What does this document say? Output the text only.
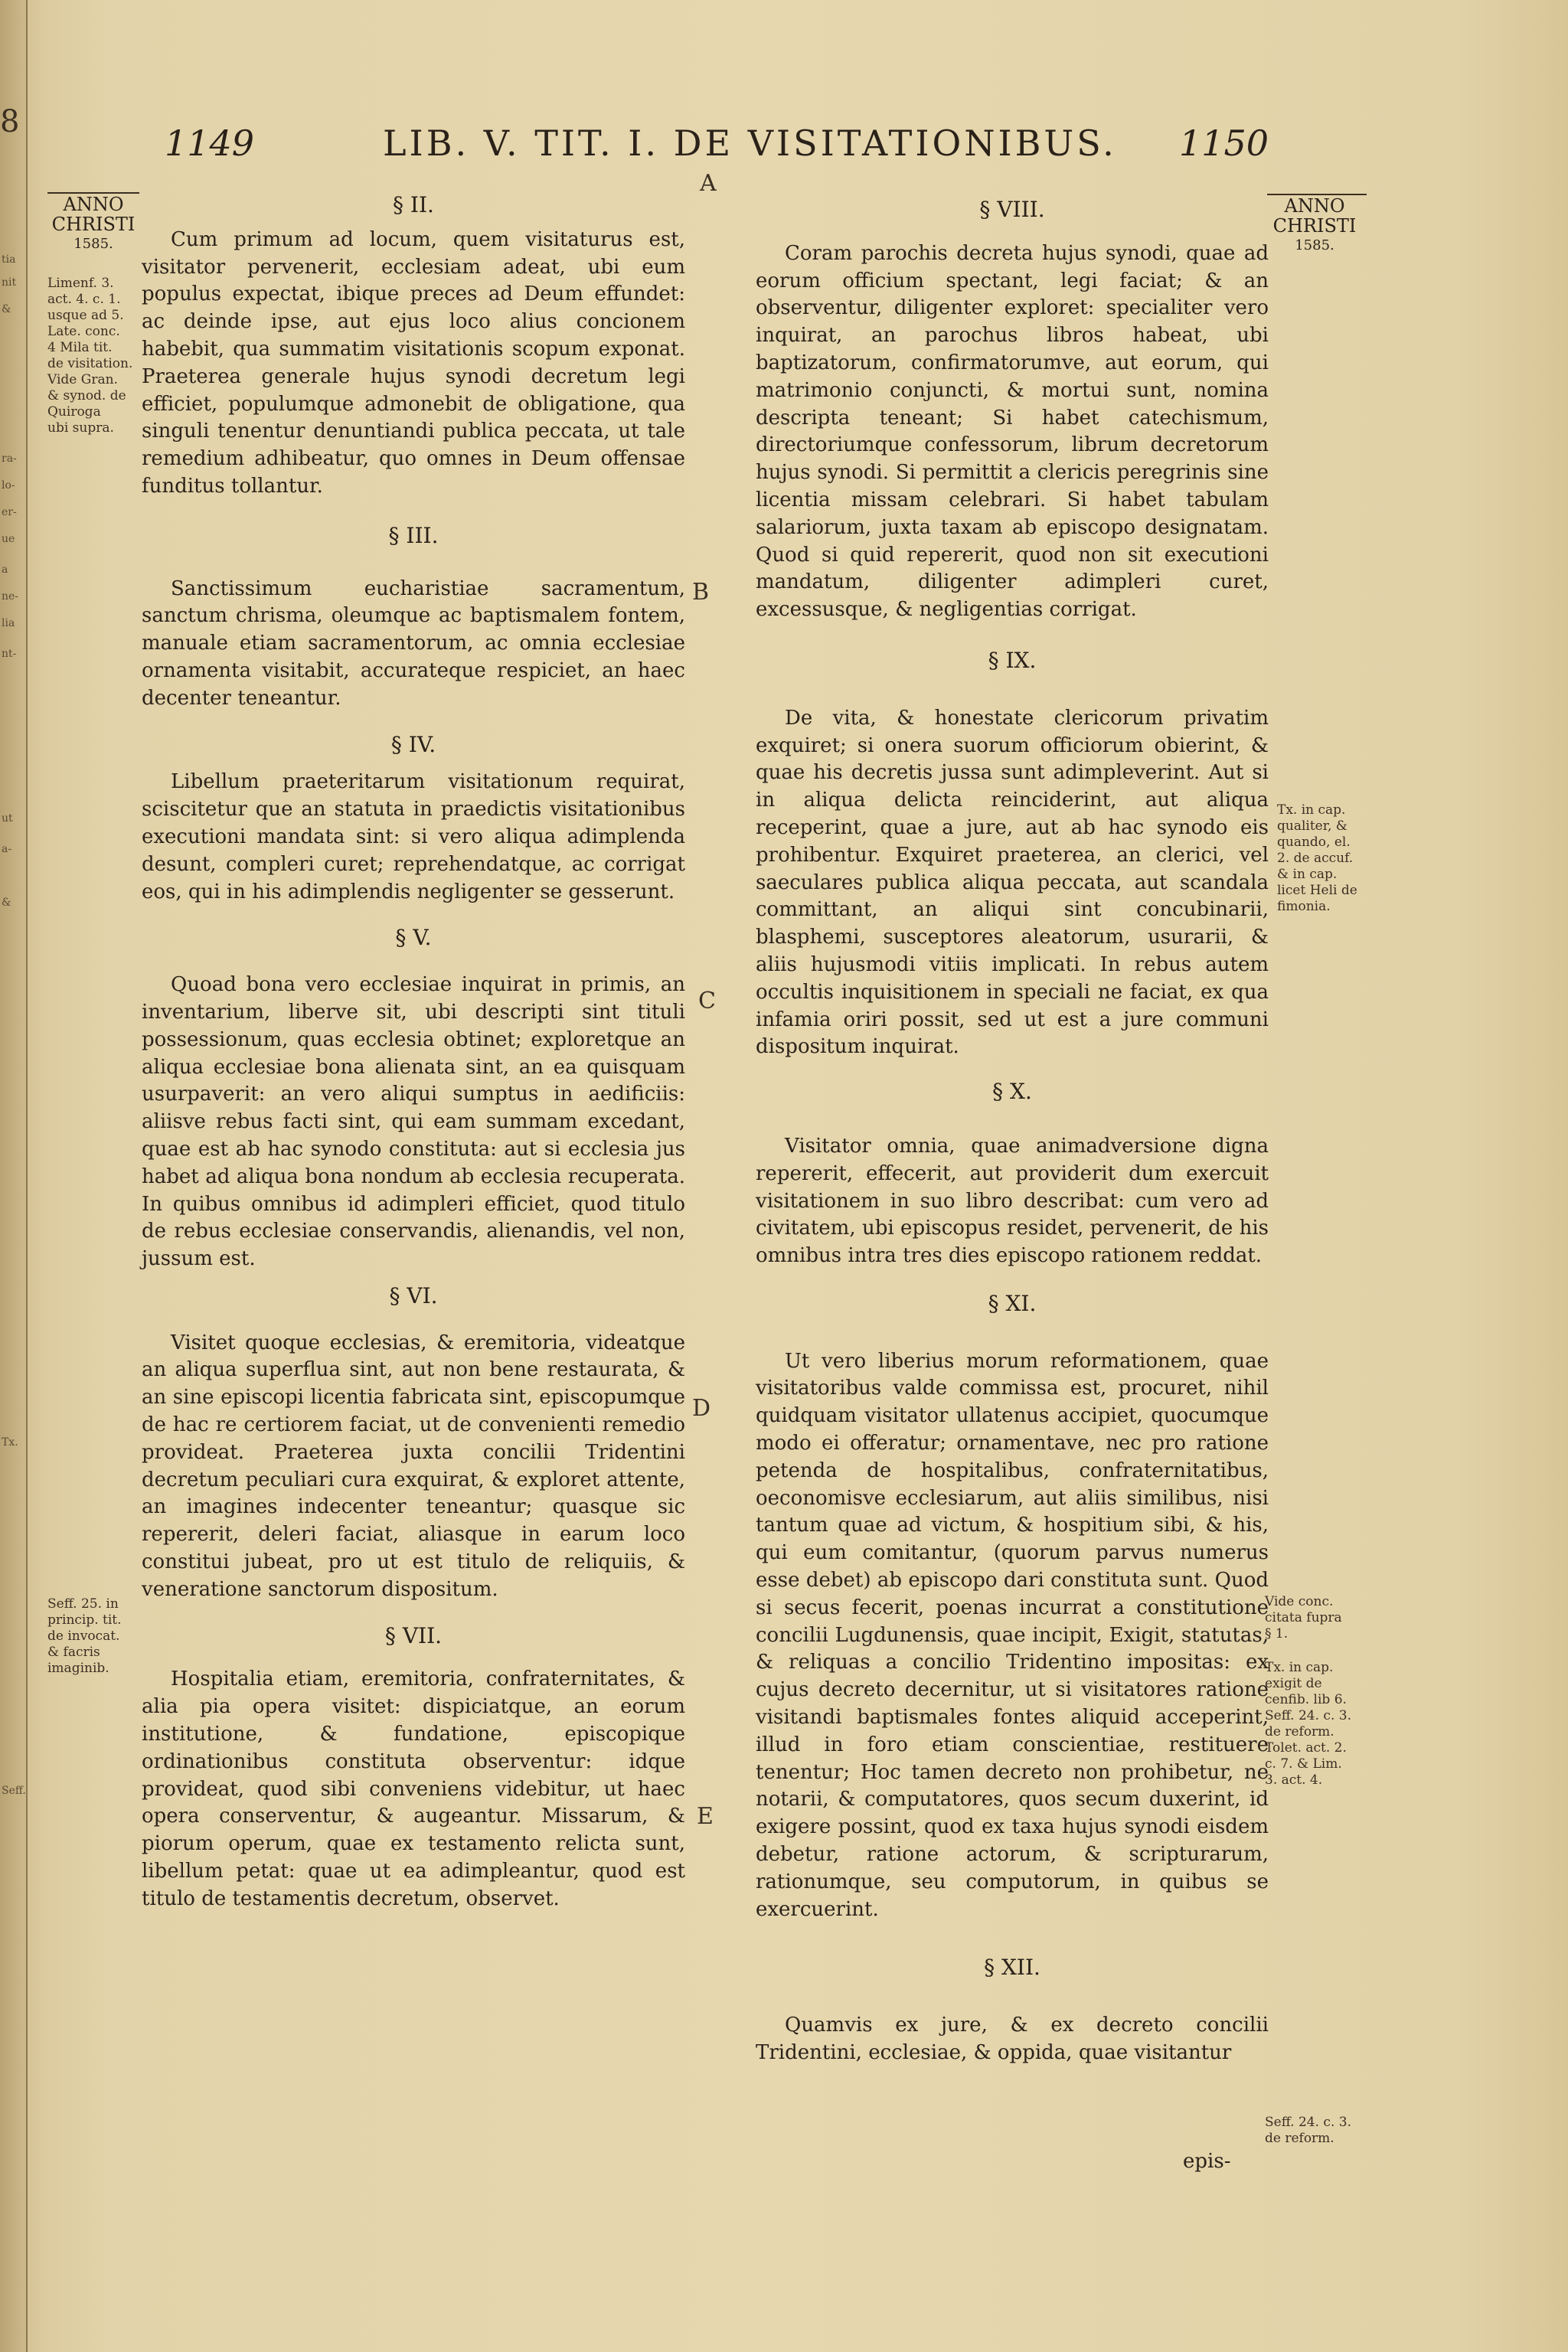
8
tia
nit
&
ra-
lo-
er-
ue
a
ne-
lia
nt-
ut
a-
&
Tx.
Seff.
1149	LIB. V. TIT. I. DE VISITATIONIBUS. 1150
ANNO
CHRISTI
1585.
Limenf. 3.
act. 4. c. 1.
usque ad 5.
Late. conc.
4 Mila tit.
de visitation.
Vide Gran.
& synod. de
Quiroga
ubi supra.
Seff. 25. in
princip. tit.
de invocat.
& facris
imaginib.
ANNO
CHRISTI
1585.
Tx. in cap.
qualiter, &
quando, el.
2. de accuf.
& in cap.
licet Heli de
fimonia.
Vide conc.
citata fupra
§ 1.
Tx. in cap.
exigit de
cenfib. lib 6.
Seff. 24. c. 3.
de reform.
Tolet. act. 2.
c. 7. & Lim.
3. act. 4.
Seff. 24. c. 3.
de reform.
A
B
C
D
E

§ II.

Cum primum ad locum, quem visitaturus est, visitator pervenerit, ecclesiam adeat, ubi eum populus expectat, ibique preces ad Deum effundet: ac deinde ipse, aut ejus loco alius concionem habebit, qua summatim visitationis scopum exponat. Praeterea generale hujus synodi decretum legi efficiet, populumque admonebit de obligatione, qua singuli tenentur denuntiandi publica peccata, ut tale remedium adhibeatur, quo omnes in Deum offensae funditus tollantur.

§ III.

Sanctissimum eucharistiae sacramentum, sanctum chrisma, oleumque ac baptismalem fontem, manuale etiam sacramentorum, ac omnia ecclesiae ornamenta visitabit, accurateque respiciet, an haec decenter teneantur.

§ IV.

Libellum praeteritarum visitationum requirat, sciscitetur que an statuta in praedictis visitationibus executioni mandata sint: si vero aliqua adimplenda desunt, compleri curet; reprehendatque, ac corrigat eos, qui in his adimplendis negligenter se gesserunt.

§ V.

Quoad bona vero ecclesiae inquirat in primis, an inventarium, liberve sit, ubi descripti sint tituli possessionum, quas ecclesia obtinet; exploretque an aliqua ecclesiae bona alienata sint, an ea quisquam usurpaverit: an vero aliqui sumptus in aedificiis: aliisve rebus facti sint, qui eam summam excedant, quae est ab hac synodo constituta: aut si ecclesia jus habet ad aliqua bona nondum ab ecclesia recuperata. In quibus omnibus id adimpleri efficiet, quod titulo de rebus ecclesiae conservandis, alienandis, vel non, jussum est.

§ VI.

Visitet quoque ecclesias, & eremitoria, videatque an aliqua superflua sint, aut non bene restaurata, & an sine episcopi licentia fabricata sint, episcopumque de hac re certiorem faciat, ut de convenienti remedio provideat. Praeterea juxta concilii Tridentini decretum peculiari cura exquirat, & exploret attente, an imagines indecenter teneantur; quasque sic repererit, deleri faciat, aliasque in earum loco constitui jubeat, pro ut est titulo de reliquiis, & veneratione sanctorum dispositum.

§ VII.

Hospitalia etiam, eremitoria, confraternitates, & alia pia opera visitet: dispiciatque, an eorum institutione, & fundatione, episcopique ordinationibus constituta observentur: idque provideat, quod sibi conveniens videbitur, ut haec opera conserventur, & augeantur. Missarum, & piorum operum, quae ex testamento relicta sunt, libellum petat: quae ut ea adimpleantur, quod est titulo de testamentis decretum, observet.

§ VIII.

Coram parochis decreta hujus synodi, quae ad eorum officium spectant, legi faciat; & an observentur, diligenter exploret: specialiter vero inquirat, an parochus libros habeat, ubi baptizatorum, confirmatorumve, aut eorum, qui matrimonio conjuncti, & mortui sunt, nomina descripta teneant; Si habet catechismum, directoriumque confessorum, librum decretorum hujus synodi. Si permittit a clericis peregrinis sine licentia missam celebrari. Si habet tabulam salariorum, juxta taxam ab episcopo designatam. Quod si quid repererit, quod non sit executioni mandatum, diligenter adimpleri curet, excessusque, & negligentias corrigat.

§ IX.

De vita, & honestate clericorum privatim exquiret; si onera suorum officiorum obierint, & quae his decretis jussa sunt adimpleverint. Aut si in aliqua delicta reinciderint, aut aliqua receperint, quae a jure, aut ab hac synodo eis prohibentur. Exquiret praeterea, an clerici, vel saeculares publica aliqua peccata, aut scandala committant, an aliqui sint concubinarii, blasphemi, susceptores aleatorum, usurarii, & aliis hujusmodi vitiis implicati. In rebus autem occultis inquisitionem in speciali ne faciat, ex qua infamia oriri possit, sed ut est a jure communi dispositum inquirat.

§ X.

Visitator omnia, quae animadversione digna repererit, effecerit, aut providerit dum exercuit visitationem in suo libro describat: cum vero ad civitatem, ubi episcopus residet, pervenerit, de his omnibus intra tres dies episcopo rationem reddat.

§ XI.

Ut vero liberius morum reformationem, quae visitatoribus valde commissa est, procuret, nihil quidquam visitator ullatenus accipiet, quocumque modo ei offeratur; ornamentave, nec pro ratione petenda de hospitalibus, confraternitatibus, oeconomisve ecclesiarum, aut aliis similibus, nisi tantum quae ad victum, & hospitium sibi, & his, qui eum comitantur, (quorum parvus numerus esse debet) ab episcopo dari constituta sunt. Quod si secus fecerit, poenas incurrat a constitutione concilii Lugdunensis, quae incipit, Exigit, statutas, & reliquas a concilio Tridentino impositas: ex cujus decreto decernitur, ut si visitatores ratione visitandi baptismales fontes aliquid acceperint, illud in foro etiam conscientiae, restituere tenentur; Hoc tamen decreto non prohibetur, ne notarii, & computatores, quos secum duxerint, id exigere possint, quod ex taxa hujus synodi eisdem debetur, ratione actorum, & scripturarum, rationumque, seu computorum, in quibus se exercuerint.

§ XII.

Quamvis ex jure, & ex decreto concilii Tridentini, ecclesiae, & oppida, quae visitantur

epis-
